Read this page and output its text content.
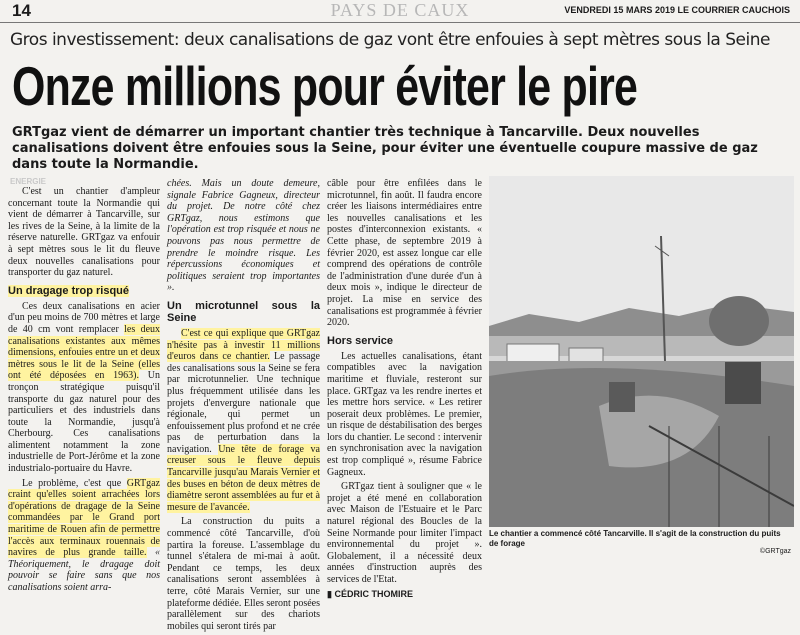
14	PAYS DE CAUX	VENDREDI 15 MARS 2019 LE COURRIER CAUCHOIS
Gros investissement: deux canalisations de gaz vont être enfouies à sept mètres sous la Seine
Onze millions pour éviter le pire
GRTgaz vient de démarrer un important chantier très technique à Tancarville. Deux nouvelles canalisations doivent être enfouies sous la Seine, pour éviter une éventuelle coupure massive de gaz dans toute la Normandie.
ENERGIE

C'est un chantier d'ampleur concernant toute la Normandie qui vient de démarrer à Tancarville, sur les rives de la Seine, à la limite de la réserve naturelle. GRTgaz va enfouir à sept mètres sous le lit du fleuve deux nouvelles canalisations pour transporter du gaz naturel.

Un dragage trop risqué

Ces deux canalisations en acier d'un peu moins de 700 mètres et large de 40 cm vont remplacer les deux canalisations existantes aux mêmes dimensions, enfouies entre un et deux mètres sous le lit de la Seine (elles ont été déposées en 1963). Un tronçon stratégique puisqu'il transporte du gaz naturel pour des particuliers et des industriels dans toute la Normandie, jusqu'à Cherbourg. Ces canalisations alimentent notamment la zone industrielle de Port-Jérôme et la zone industrialo-portuaire du Havre.

Le problème, c'est que GRTgaz craint qu'elles soient arrachées lors d'opérations de dragage de la Seine commandées par le Grand port maritime de Rouen afin de permettre l'accès aux terminaux rouennais de navires de plus grande taille. « Théoriquement, le dragage doit pouvoir se faire sans que nos canalisations soient arra-

chées. Mais un doute demeure, signale Fabrice Gagneux, directeur du projet. De notre côté chez GRTgaz, nous estimons que l'opération est trop risquée et nous ne pouvons pas nous permettre de prendre le moindre risque. Les répercussions économiques et politiques seraient trop importantes ».

Un microtunnel sous la Seine

C'est ce qui explique que GRTgaz n'hésite pas à investir 11 millions d'euros dans ce chantier. Le passage des canalisations sous la Seine se fera par microtunnelier. Une technique plus fréquemment utilisée dans les projets d'envergure nationale que régionale, qui permet un enfouissement plus profond et ne crée pas de perturbation dans la navigation. Une tête de forage va creuser sous le fleuve depuis Tancarville jusqu'au Marais Vernier et des buses en béton de deux mètres de diamètre seront assemblées au fur et à mesure de l'avancée.

La construction du puits a commencé côté Tancarville, d'où partira la foreuse. L'assemblage du tunnel s'étalera de mi-mai à août. Pendant ce temps, les deux canalisations seront assemblées à terre, côté Marais Vernier, sur une plateforme dédiée. Elles seront posées parallèlement sur des chariots mobiles qui seront tirés par

câble pour être enfilées dans le microtunnel, fin août. Il faudra encore créer les liaisons intermédiaires entre les nouvelles canalisations et les postes d'interconnexion existants. « Cette phase, de septembre 2019 à février 2020, est assez longue car elle comprend des opérations de contrôle de l'administration d'une durée d'un à deux mois », indique le directeur de projet. La mise en service des canalisations est programmée à février 2020.

Hors service

Les actuelles canalisations, étant compatibles avec la navigation maritime et fluviale, resteront sur place. GRTgaz va les rendre inertes et les mettre hors service. « Les retirer poserait deux problèmes. Le premier, un risque de déstabilisation des berges lors du chantier. Le second : intervenir en synchronisation avec la navigation est trop compliqué », résume Fabrice Gagneux.

GRTgaz tient à souligner que « le projet a été mené en collaboration avec Maison de l'Estuaire et le Parc naturel régional des Boucles de la Seine Normande pour limiter l'impact environnemental du projet ». Globalement, il a nécessité deux années d'instruction auprès des services de l'Etat.

▮ CÉDRIC THOMIRE
Le chantier a commencé côté Tancarville. Il s'agit de la construction du puits de forage
©GRTgaz
